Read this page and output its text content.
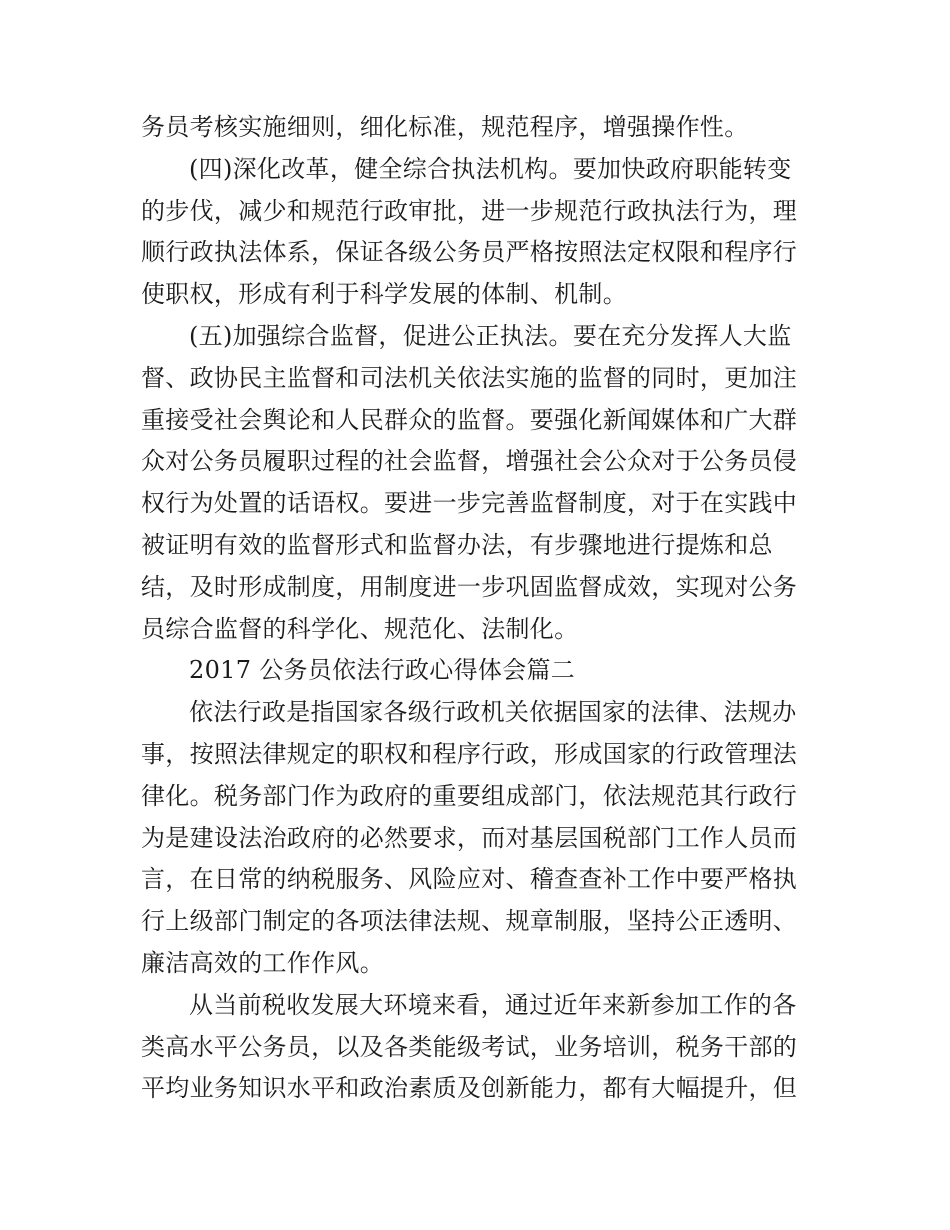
务员考核实施细则，细化标准，规范程序，增强操作性。

(四)深化改革，健全综合执法机构。要加快政府职能转变
的步伐，减少和规范行政审批，进一步规范行政执法行为，理
顺行政执法体系，保证各级公务员严格按照法定权限和程序行
使职权，形成有利于科学发展的体制、机制。

(五)加强综合监督，促进公正执法。要在充分发挥人大监
督、政协民主监督和司法机关依法实施的监督的同时，更加注
重接受社会舆论和人民群众的监督。要强化新闻媒体和广大群
众对公务员履职过程的社会监督，增强社会公众对于公务员侵
权行为处置的话语权。要进一步完善监督制度，对于在实践中
被证明有效的监督形式和监督办法，有步骤地进行提炼和总
结，及时形成制度，用制度进一步巩固监督成效，实现对公务
员综合监督的科学化、规范化、法制化。

2017 公务员依法行政心得体会篇二

依法行政是指国家各级行政机关依据国家的法律、法规办
事，按照法律规定的职权和程序行政，形成国家的行政管理法
律化。税务部门作为政府的重要组成部门，依法规范其行政行
为是建设法治政府的必然要求，而对基层国税部门工作人员而
言，在日常的纳税服务、风险应对、稽查查补工作中要严格执
行上级部门制定的各项法律法规、规章制服，坚持公正透明、
廉洁高效的工作作风。

从当前税收发展大环境来看，通过近年来新参加工作的各
类高水平公务员，以及各类能级考试，业务培训，税务干部的
平均业务知识水平和政治素质及创新能力，都有大幅提升，但
